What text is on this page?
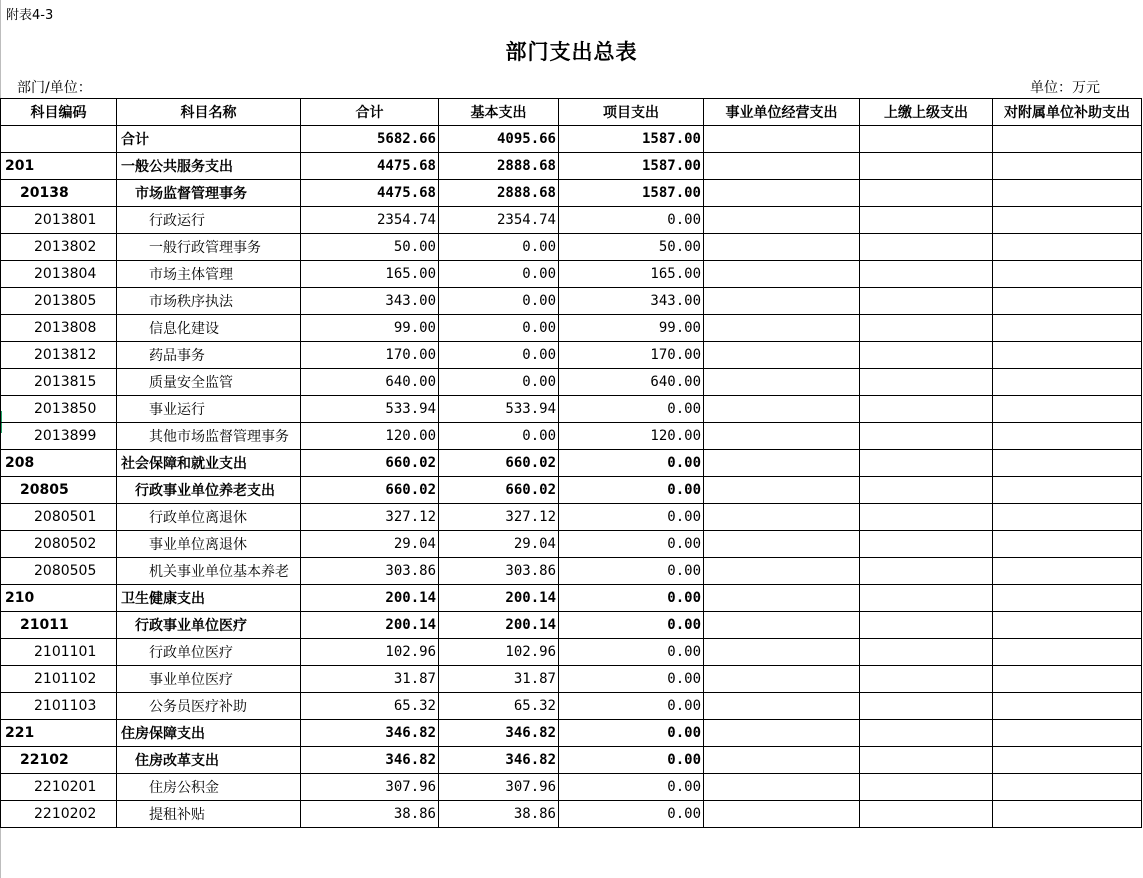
附表4-3
部门支出总表
部门/单位：	单位：万元
科目编码	科目名称	合计	基本支出	项目支出	事业单位经营支出	上缴上级支出	对附属单位补助支出
	合计	5682.66	4095.66	1587.00			
201	一般公共服务支出	4475.68	2888.68	1587.00			
20138	市场监督管理事务	4475.68	2888.68	1587.00			
2013801	行政运行	2354.74	2354.74	0.00			
2013802	一般行政管理事务	50.00	0.00	50.00			
2013804	市场主体管理	165.00	0.00	165.00			
2013805	市场秩序执法	343.00	0.00	343.00			
2013808	信息化建设	99.00	0.00	99.00			
2013812	药品事务	170.00	0.00	170.00			
2013815	质量安全监管	640.00	0.00	640.00			
2013850	事业运行	533.94	533.94	0.00			
2013899	其他市场监督管理事务	120.00	0.00	120.00			
208	社会保障和就业支出	660.02	660.02	0.00			
20805	行政事业单位养老支出	660.02	660.02	0.00			
2080501	行政单位离退休	327.12	327.12	0.00			
2080502	事业单位离退休	29.04	29.04	0.00			
2080505	机关事业单位基本养老	303.86	303.86	0.00			
210	卫生健康支出	200.14	200.14	0.00			
21011	行政事业单位医疗	200.14	200.14	0.00			
2101101	行政单位医疗	102.96	102.96	0.00			
2101102	事业单位医疗	31.87	31.87	0.00			
2101103	公务员医疗补助	65.32	65.32	0.00			
221	住房保障支出	346.82	346.82	0.00			
22102	住房改革支出	346.82	346.82	0.00			
2210201	住房公积金	307.96	307.96	0.00			
2210202	提租补贴	38.86	38.86	0.00			
